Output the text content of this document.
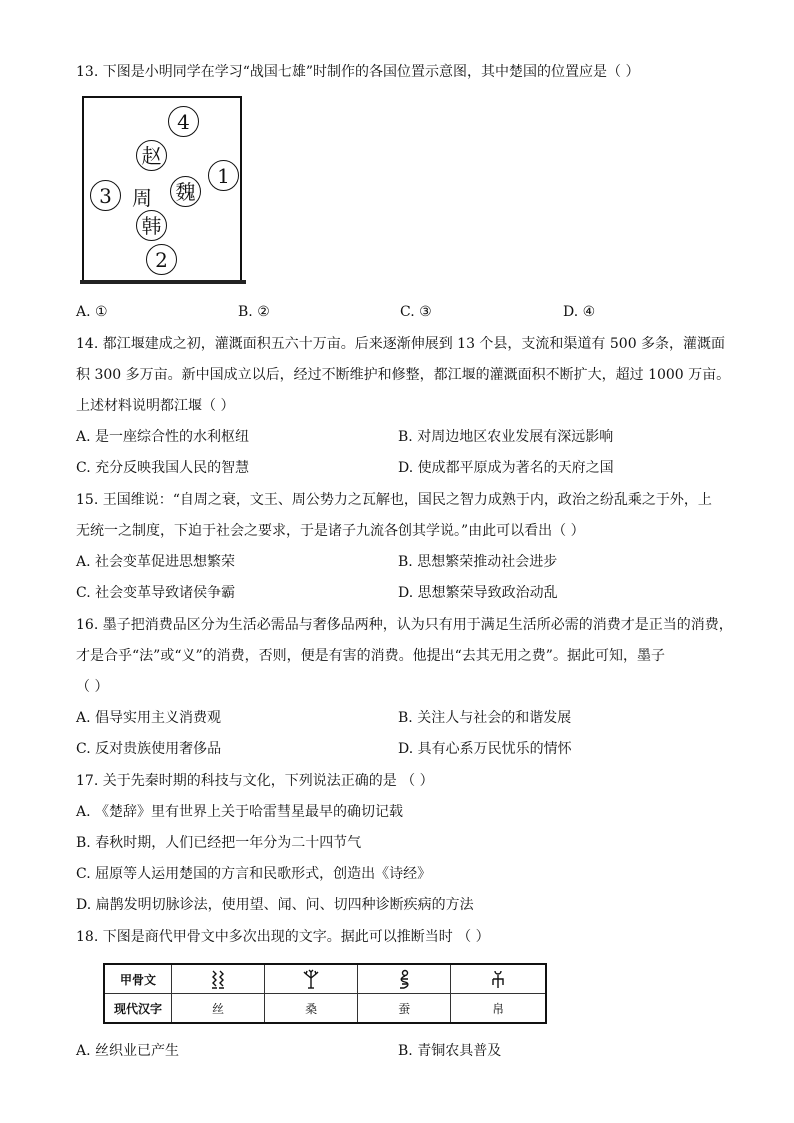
13. 下图是小明同学在学习“战国七雄”时制作的各国位置示意图，其中楚国的位置应是（ ）
4
赵
1
3	周 魏
韩
2
A. ①	B. ②	C. ③	D. ④
14. 都江堰建成之初，灌溉面积五六十万亩。后来逐渐伸展到 13 个县，支流和渠道有 500 多条，灌溉面
积 300 多万亩。新中国成立以后，经过不断维护和修整，都江堰的灌溉面积不断扩大，超过 1000 万亩。
上述材料说明都江堰（ ）
A. 是一座综合性的水利枢纽	B. 对周边地区农业发展有深远影响
C. 充分反映我国人民的智慧	D. 使成都平原成为著名的天府之国
15. 王国维说：“自周之衰，文王、周公势力之瓦解也，国民之智力成熟于内，政治之纷乱乘之于外，上
无统一之制度，下迫于社会之要求，于是诸子九流各创其学说。”由此可以看出（ ）
A. 社会变革促进思想繁荣	B. 思想繁荣推动社会进步
C. 社会变革导致诸侯争霸	D. 思想繁荣导致政治动乱
16. 墨子把消费品区分为生活必需品与奢侈品两种，认为只有用于满足生活所必需的消费才是正当的消费，
才是合乎“法”或“义”的消费，否则，便是有害的消费。他提出“去其无用之费”。据此可知，墨子
（ ）
A. 倡导实用主义消费观	B. 关注人与社会的和谐发展
C. 反对贵族使用奢侈品	D. 具有心系万民忧乐的情怀
17. 关于先秦时期的科技与文化，下列说法正确的是 （ ）
A. 《楚辞》里有世界上关于哈雷彗星最早的确切记载
B. 春秋时期，人们已经把一年分为二十四节气
C. 屈原等人运用楚国的方言和民歌形式，创造出《诗经》
D. 扁鹊发明切脉诊法，使用望、闻、问、切四种诊断疾病的方法
18. 下图是商代甲骨文中多次出现的文字。据此可以推断当时 （ ）
甲骨文				
现代汉字	丝	桑	蚕	帛
A. 丝织业已产生	B. 青铜农具普及
